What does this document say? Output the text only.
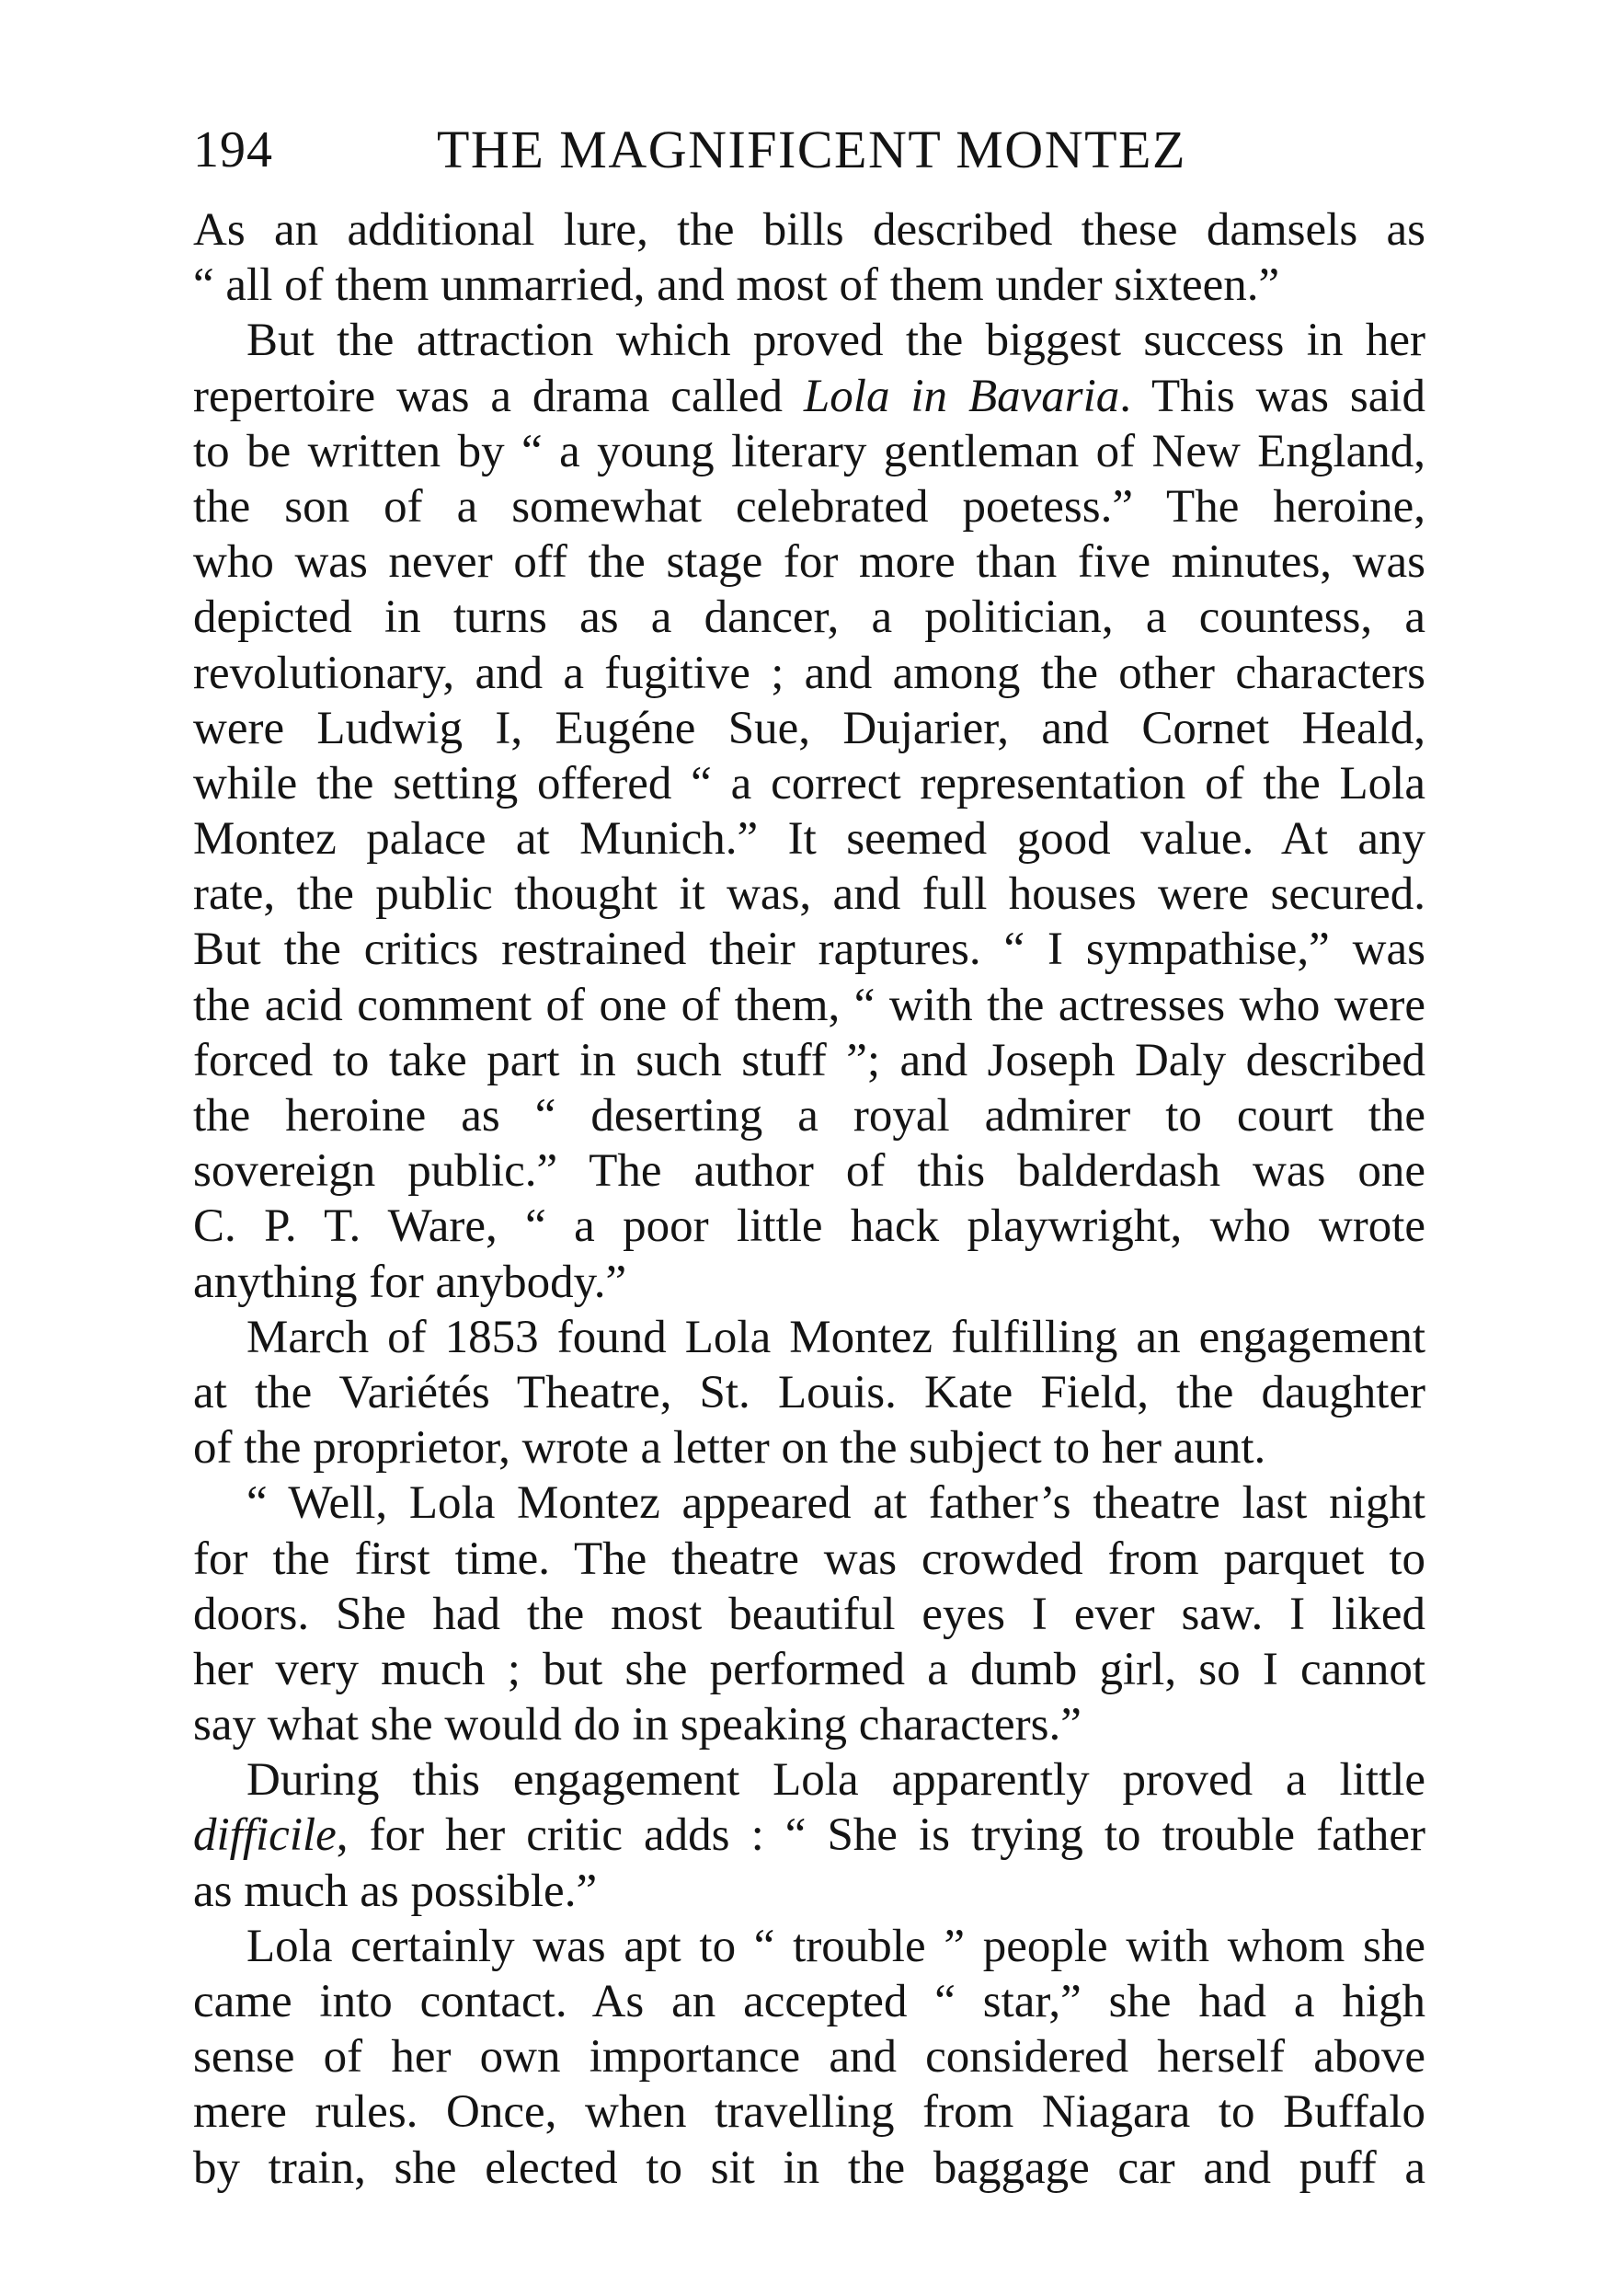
194	THE MAGNIFICENT MONTEZ
As an additional lure, the bills described these damsels as
“ all of them unmarried, and most of them under sixteen.”
But the attraction which proved the biggest success in her
repertoire was a drama called Lola in Bavaria. This was said
to be written by “ a young literary gentleman of New England,
the son of a somewhat celebrated poetess.” The heroine,
who was never off the stage for more than five minutes, was
depicted in turns as a dancer, a politician, a countess, a
revolutionary, and a fugitive ; and among the other characters
were Ludwig I, Eugéne Sue, Dujarier, and Cornet Heald,
while the setting offered “ a correct representation of the Lola
Montez palace at Munich.” It seemed good value. At any
rate, the public thought it was, and full houses were secured.
But the critics restrained their raptures. “ I sympathise,” was
the acid comment of one of them, “ with the actresses who were
forced to take part in such stuff ”; and Joseph Daly described
the heroine as “ deserting a royal admirer to court the
sovereign public.” The author of this balderdash was one
C. P. T. Ware, “ a poor little hack playwright, who wrote
anything for anybody.”
March of 1853 found Lola Montez fulfilling an engagement
at the Variétés Theatre, St. Louis. Kate Field, the daughter
of the proprietor, wrote a letter on the subject to her aunt.
“ Well, Lola Montez appeared at father’s theatre last night
for the first time. The theatre was crowded from parquet to
doors. She had the most beautiful eyes I ever saw. I liked
her very much ; but she performed a dumb girl, so I cannot
say what she would do in speaking characters.”
During this engagement Lola apparently proved a little
difficile, for her critic adds : “ She is trying to trouble father
as much as possible.”
Lola certainly was apt to “ trouble ” people with whom she
came into contact. As an accepted “ star,” she had a high
sense of her own importance and considered herself above
mere rules. Once, when travelling from Niagara to Buffalo
by train, she elected to sit in the baggage car and puff a
